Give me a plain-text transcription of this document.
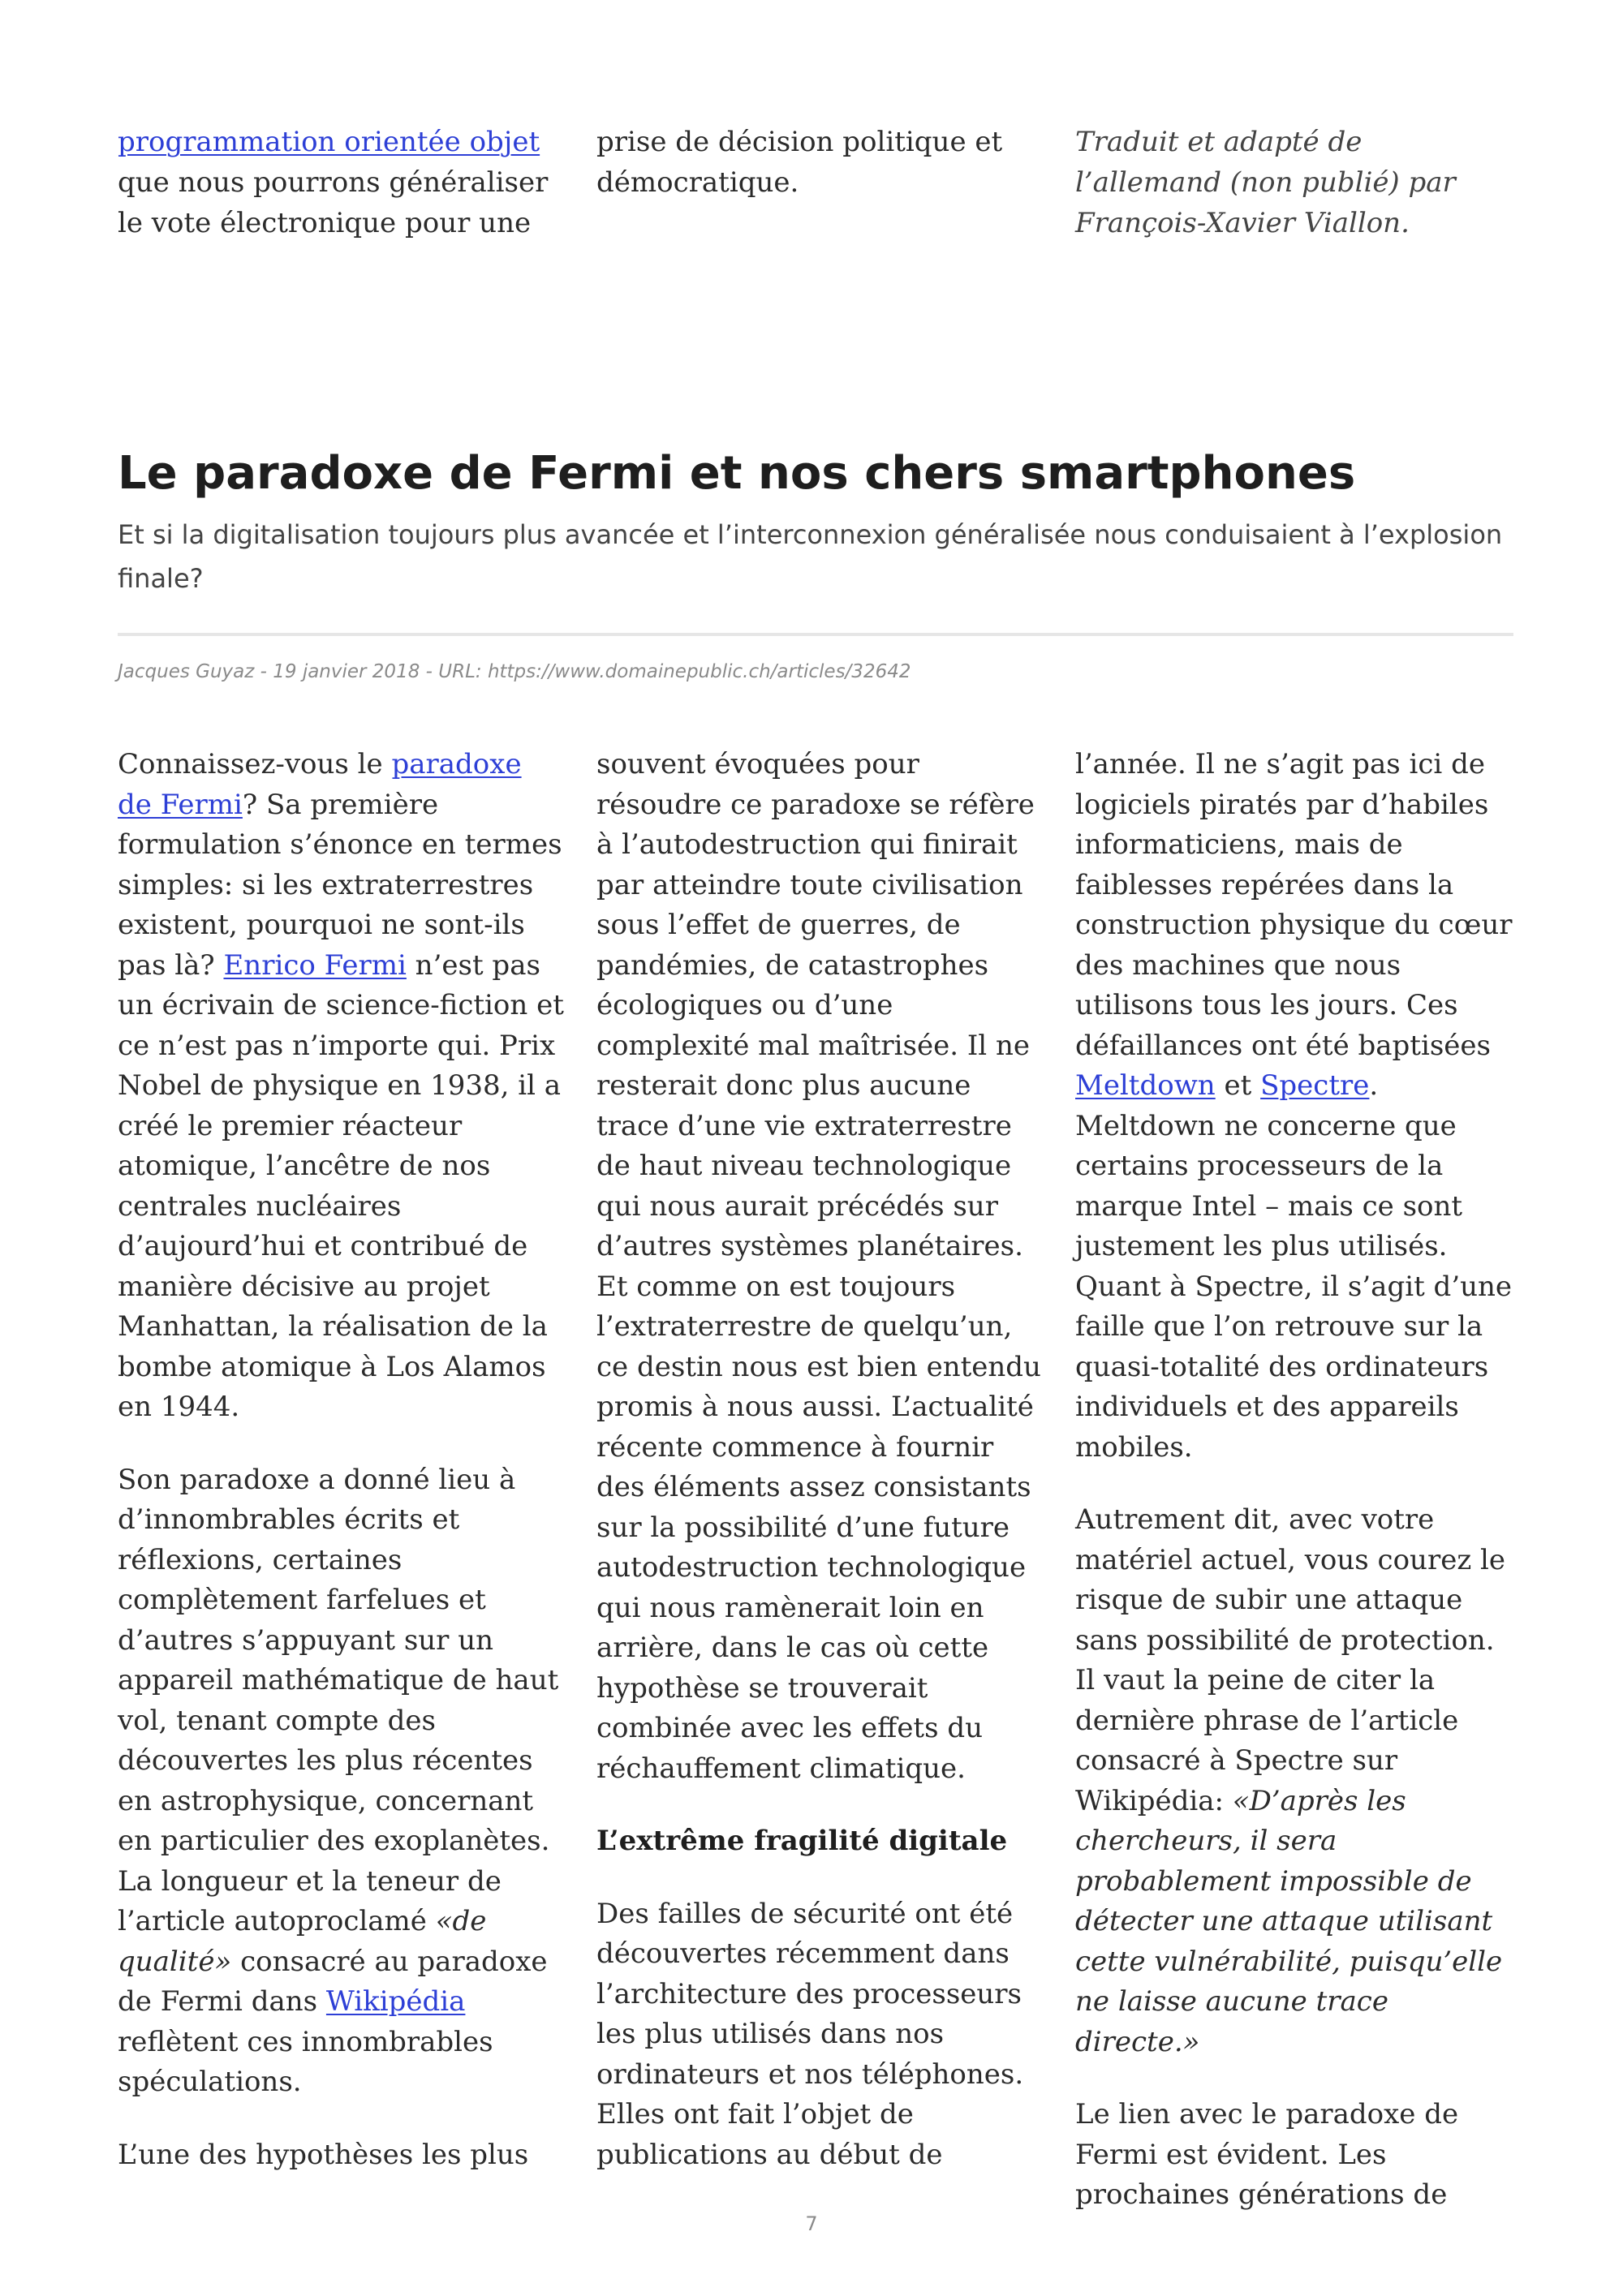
programmation orientée objet que nous pourrons généraliser le vote électronique pour une
prise de décision politique et démocratique.
Traduit et adapté de l’allemand (non publié) par François-Xavier Viallon.
Le paradoxe de Fermi et nos chers smartphones

Et si la digitalisation toujours plus avancée et l’interconnexion généralisée nous conduisaient à l’explosion finale?

Jacques Guyaz - 19 janvier 2018 - URL: https://www.domainepublic.ch/articles/32642

Connaissez-vous le paradoxe de Fermi? Sa première formulation s’énonce en termes simples: si les extraterrestres existent, pourquoi ne sont-ils pas là? Enrico Fermi n’est pas un écrivain de science-fiction et ce n’est pas n’importe qui. Prix Nobel de physique en 1938, il a créé le premier réacteur atomique, l’ancêtre de nos centrales nucléaires d’aujourd’hui et contribué de manière décisive au projet Manhattan, la réalisation de la bombe atomique à Los Alamos en 1944.

Son paradoxe a donné lieu à d’innombrables écrits et réflexions, certaines complètement farfelues et d’autres s’appuyant sur un appareil mathématique de haut vol, tenant compte des découvertes les plus récentes en astrophysique, concernant en particulier des exoplanètes. La longueur et la teneur de l’article autoproclamé «de qualité» consacré au paradoxe de Fermi dans Wikipédia reflètent ces innombrables spéculations.

L’une des hypothèses les plus

souvent évoquées pour résoudre ce paradoxe se réfère à l’autodestruction qui finirait par atteindre toute civilisation sous l’effet de guerres, de pandémies, de catastrophes écologiques ou d’une complexité mal maîtrisée. Il ne resterait donc plus aucune trace d’une vie extraterrestre de haut niveau technologique qui nous aurait précédés sur d’autres systèmes planétaires. Et comme on est toujours l’extraterrestre de quelqu’un, ce destin nous est bien entendu promis à nous aussi. L’actualité récente commence à fournir des éléments assez consistants sur la possibilité d’une future autodestruction technologique qui nous ramènerait loin en arrière, dans le cas où cette hypothèse se trouverait combinée avec les effets du réchauffement climatique.

L’extrême fragilité digitale

Des failles de sécurité ont été découvertes récemment dans l’architecture des processeurs les plus utilisés dans nos ordinateurs et nos téléphones. Elles ont fait l’objet de publications au début de

l’année. Il ne s’agit pas ici de logiciels piratés par d’habiles informaticiens, mais de faiblesses repérées dans la construction physique du cœur des machines que nous utilisons tous les jours. Ces défaillances ont été baptisées Meltdown et Spectre. Meltdown ne concerne que certains processeurs de la marque Intel – mais ce sont justement les plus utilisés. Quant à Spectre, il s’agit d’une faille que l’on retrouve sur la quasi-totalité des ordinateurs individuels et des appareils mobiles.

Autrement dit, avec votre matériel actuel, vous courez le risque de subir une attaque sans possibilité de protection. Il vaut la peine de citer la dernière phrase de l’article consacré à Spectre sur Wikipédia: «D’après les chercheurs, il sera probablement impossible de détecter une attaque utilisant cette vulnérabilité, puisqu’elle ne laisse aucune trace directe.»

Le lien avec le paradoxe de Fermi est évident. Les prochaines générations de

7
